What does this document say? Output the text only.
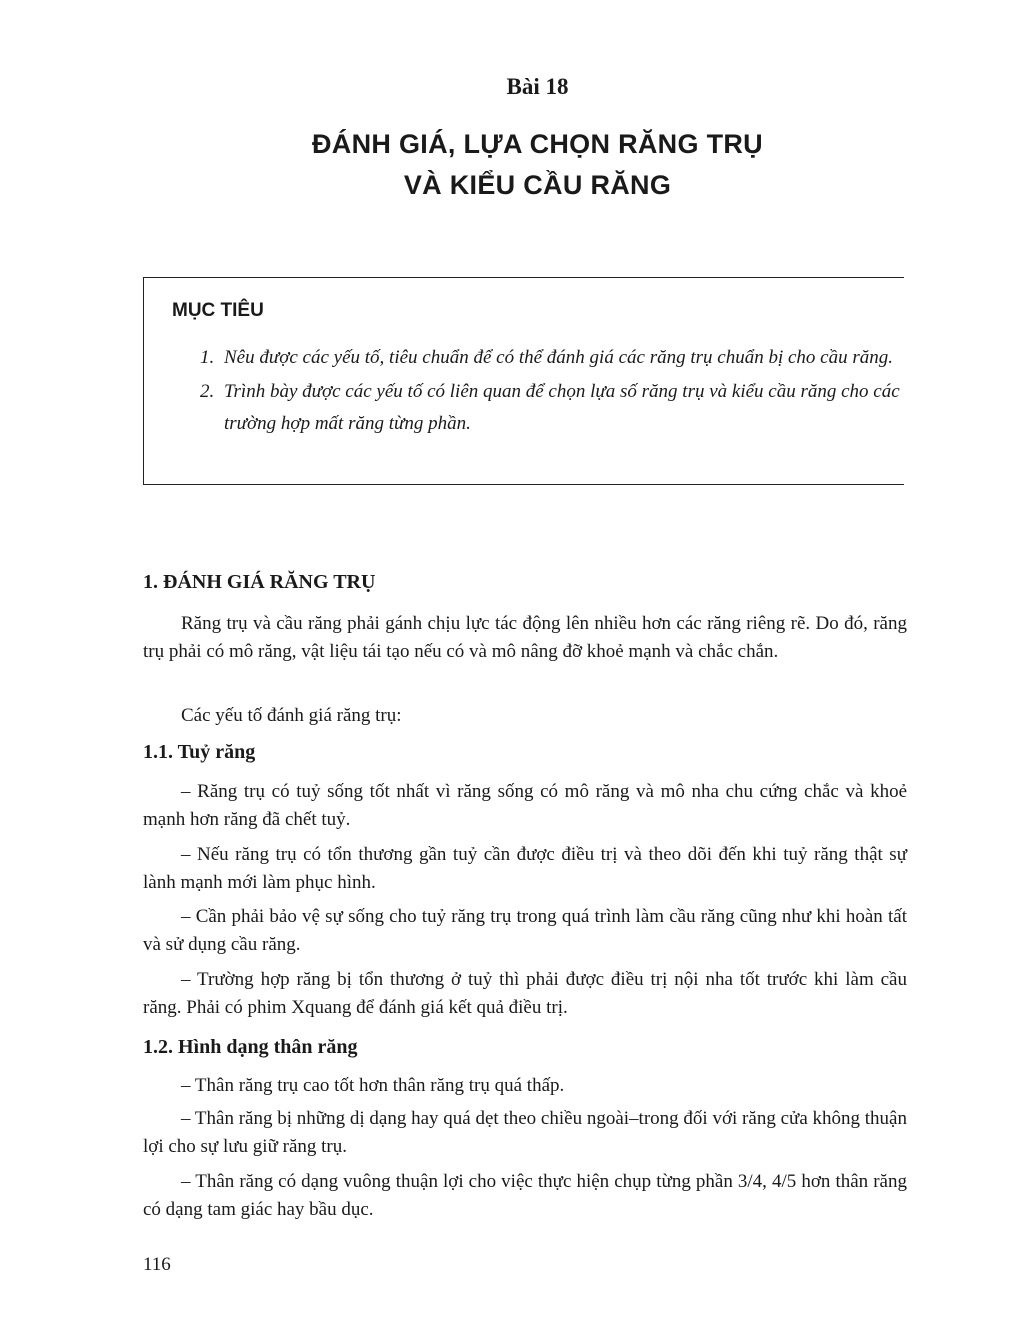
Bài 18
ĐÁNH GIÁ, LỰA CHỌN RĂNG TRỤ
VÀ KIỂU CẦU RĂNG
MỤC TIÊU
1. Nêu được các yếu tố, tiêu chuẩn để có thể đánh giá các răng trụ chuẩn bị cho cầu răng.
2. Trình bày được các yếu tố có liên quan để chọn lựa số răng trụ và kiểu cầu răng cho các trường hợp mất răng từng phần.
1. ĐÁNH GIÁ RĂNG TRỤ
Răng trụ và cầu răng phải gánh chịu lực tác động lên nhiều hơn các răng riêng rẽ. Do đó, răng trụ phải có mô răng, vật liệu tái tạo nếu có và mô nâng đỡ khoẻ mạnh và chắc chắn.
Các yếu tố đánh giá răng trụ:
1.1. Tuỷ răng
– Răng trụ có tuỷ sống tốt nhất vì răng sống có mô răng và mô nha chu cứng chắc và khoẻ mạnh hơn răng đã chết tuỷ.
– Nếu răng trụ có tổn thương gần tuỷ cần được điều trị và theo dõi đến khi tuỷ răng thật sự lành mạnh mới làm phục hình.
– Cần phải bảo vệ sự sống cho tuỷ răng trụ trong quá trình làm cầu răng cũng như khi hoàn tất và sử dụng cầu răng.
– Trường hợp răng bị tổn thương ở tuỷ thì phải được điều trị nội nha tốt trước khi làm cầu răng. Phải có phim Xquang để đánh giá kết quả điều trị.
1.2. Hình dạng thân răng
– Thân răng trụ cao tốt hơn thân răng trụ quá thấp.
– Thân răng bị những dị dạng hay quá dẹt theo chiều ngoài–trong đối với răng cửa không thuận lợi cho sự lưu giữ răng trụ.
– Thân răng có dạng vuông thuận lợi cho việc thực hiện chụp từng phần 3/4, 4/5 hơn thân răng có dạng tam giác hay bầu dục.
116
